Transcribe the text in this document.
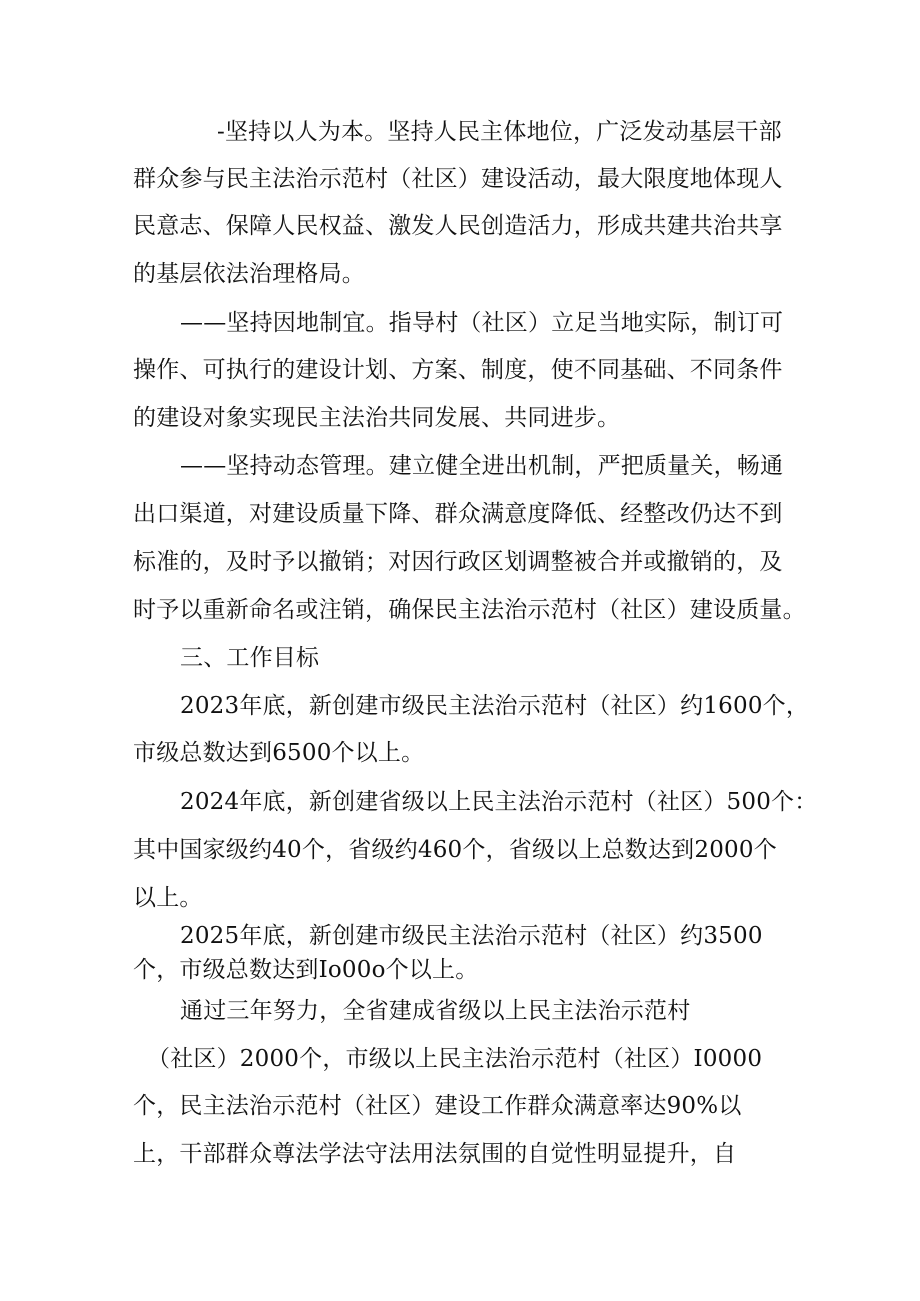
-坚持以人为本。坚持人民主体地位，广泛发动基层干部
群众参与民主法治示范村（社区）建设活动，最大限度地体现人
民意志、保障人民权益、激发人民创造活力，形成共建共治共享
的基层依法治理格局。
——坚持因地制宜。指导村（社区）立足当地实际，制订可
操作、可执行的建设计划、方案、制度，使不同基础、不同条件
的建设对象实现民主法治共同发展、共同进步。
——坚持动态管理。建立健全进出机制，严把质量关，畅通
出口渠道，对建设质量下降、群众满意度降低、经整改仍达不到
标准的，及时予以撤销；对因行政区划调整被合并或撤销的，及
时予以重新命名或注销，确保民主法治示范村（社区）建设质量。
三、工作目标
2023年底，新创建市级民主法治示范村（社区）约1600个，
市级总数达到6500个以上。
2024年底，新创建省级以上民主法治示范村（社区）500个：
其中国家级约40个，省级约460个，省级以上总数达到2000个
以上。
2025年底，新创建市级民主法治示范村（社区）约3500
个，市级总数达到Io00o个以上。
通过三年努力，全省建成省级以上民主法治示范村
（社区）2000个，市级以上民主法治示范村（社区）I0000
个，民主法治示范村（社区）建设工作群众满意率达90%以
上，干部群众尊法学法守法用法氛围的自觉性明显提升，自
